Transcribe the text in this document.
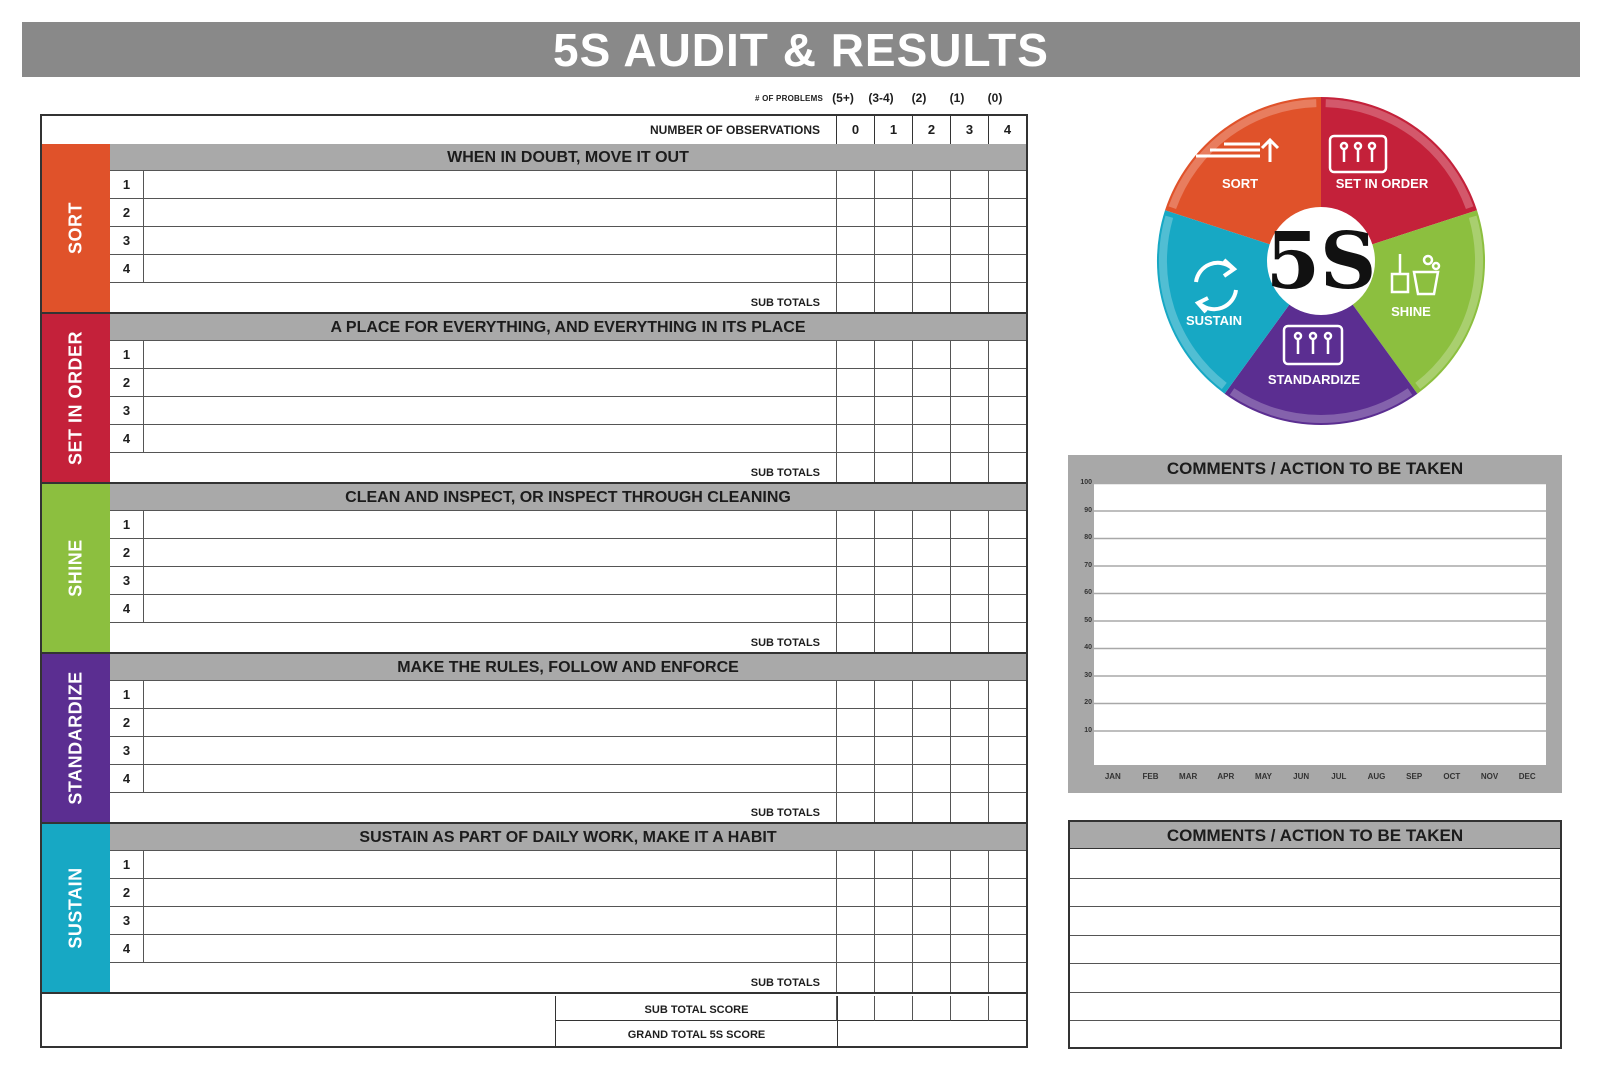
5S AUDIT & RESULTS
# OF PROBLEMS (5+)	(3-4)	(2)	(1)	(0)
NUMBER OF OBSERVATIONS	0	1	2	3	4
SORT
WHEN IN DOUBT, MOVE IT OUT
1
2
3
4
SUB TOTALS
SET IN ORDER
A PLACE FOR EVERYTHING, AND EVERYTHING IN ITS PLACE
1
2
3
4
SUB TOTALS
SHINE
CLEAN AND INSPECT, OR INSPECT THROUGH CLEANING
1
2
3
4
SUB TOTALS
STANDARDIZE
MAKE THE RULES, FOLLOW AND ENFORCE
1
2
3
4
SUB TOTALS
SUSTAIN
SUSTAIN AS PART OF DAILY WORK, MAKE IT A HABIT
1
2
3
4
SUB TOTALS
SUB TOTAL SCORE
GRAND TOTAL 5S SCORE
5S
SORT	SET IN ORDER
SHINE
STANDARDIZE
SUSTAIN
COMMENTS / ACTION TO BE TAKEN
100
90
80
70
60
50
40
30
20
10
JAN	FEB	MAR	APR	MAY	JUN	JUL	AUG	SEP	OCT	NOV	DEC
COMMENTS / ACTION TO BE TAKEN
